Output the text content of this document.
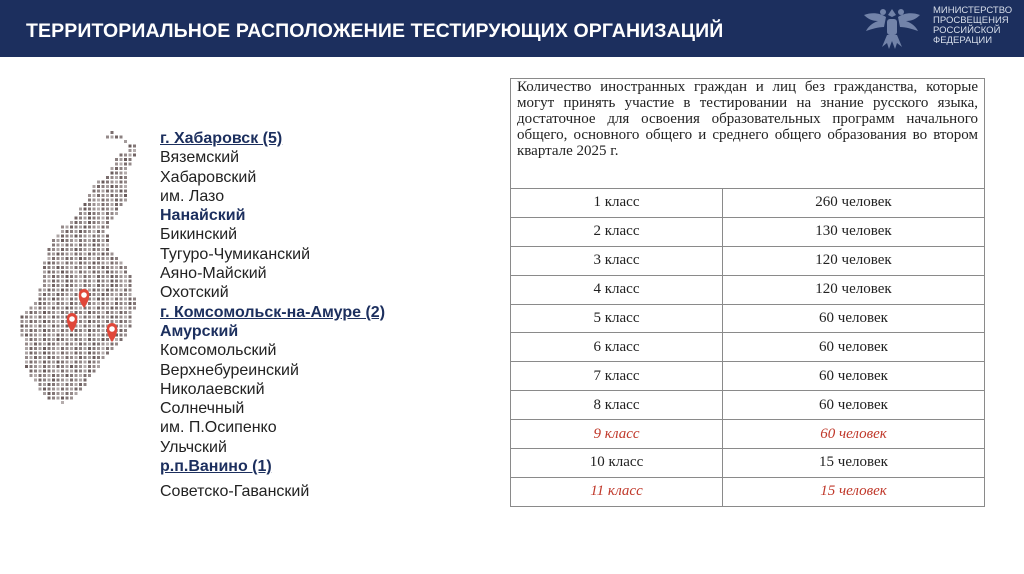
ТЕРРИТОРИАЛЬНОЕ РАСПОЛОЖЕНИЕ ТЕСТИРУЮЩИХ ОРГАНИЗАЦИЙ
МИНИСТЕРСТВО
ПРОСВЕЩЕНИЯ
РОССИЙСКОЙ
ФЕДЕРАЦИИ
г. Хабаровск (5)
Вяземский
Хабаровский
им. Лазо
Нанайский
Бикинский
Тугуро-Чумиканский
Аяно-Майский
Охотский
г. Комсомольск-на-Амуре (2)
Амурский
Комсомольский
Верхнебуреинский
Николаевский
Солнечный
им. П.Осипенко
Ульчский
р.п.Ванино (1)
Советско-Гаванский
Количество иностранных граждан и лиц без гражданства, которые могут принять участие в тестировании на знание русского языка, достаточное для освоения образовательных программ начального общего, основного общего и среднего общего образования во втором квартале 2025 г.	
1 класс	260 человек
2 класс	130 человек
3 класс	120 человек
4 класс	120 человек
5 класс	60 человек
6 класс	60 человек
7 класс	60 человек
8 класс	60 человек
9 класс	60 человек
10 класс	15 человек
11 класс	15 человек
